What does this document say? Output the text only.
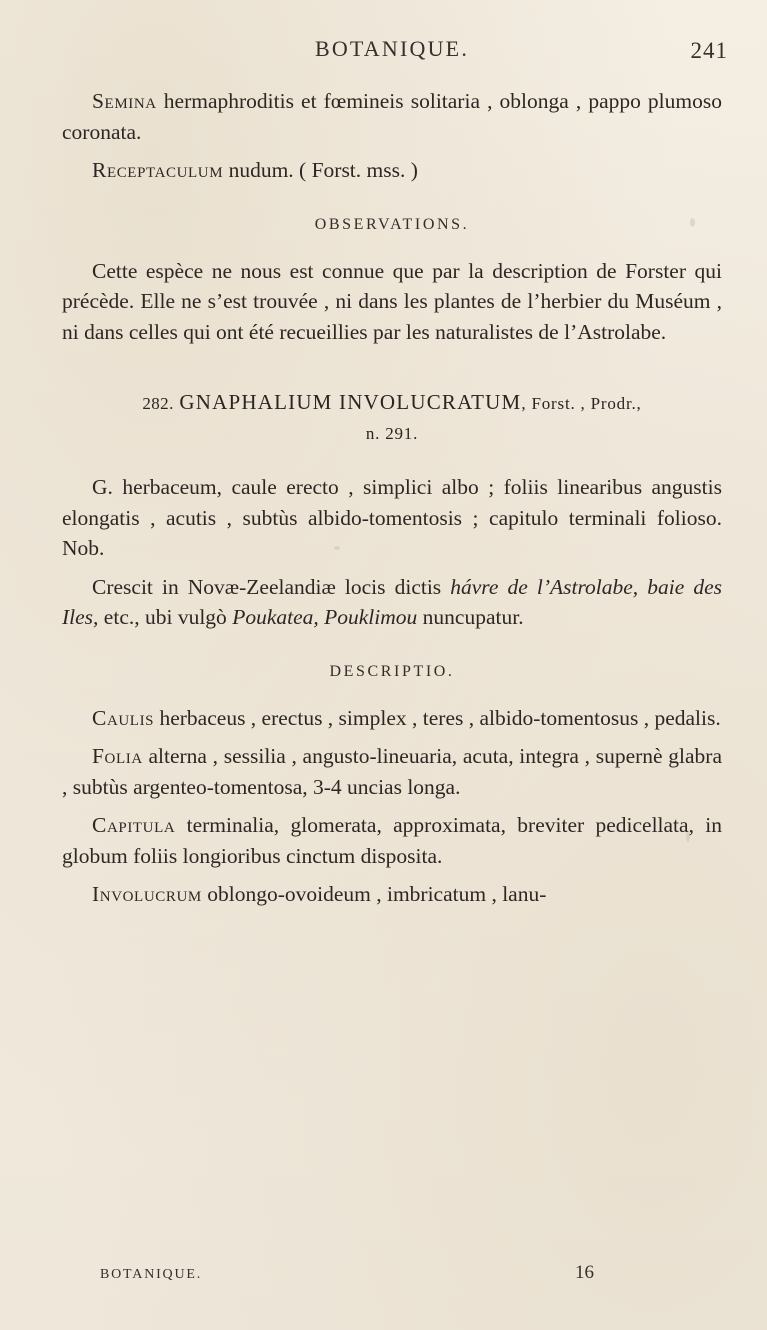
BOTANIQUE.	241

Semina hermaphroditis et fœmineis solitaria , oblonga , pappo plumoso coronata.

Receptaculum nudum. ( Forst. mss. )

OBSERVATIONS.

Cette espèce ne nous est connue que par la description de Forster qui précède. Elle ne s’est trouvée , ni dans les plantes de l’herbier du Muséum , ni dans celles qui ont été recueillies par les naturalistes de l’Astrolabe.

282. GNAPHALIUM INVOLUCRATUM, Forst. , Prodr.,
n. 291.

G. herbaceum, caule erecto , simplici albo ; foliis linearibus angustis elongatis , acutis , subtùs albido-tomentosis ; capitulo terminali folioso. Nob.

Crescit in Novæ-Zeelandiæ locis dictis hávre de l’Astrolabe, baie des Iles, etc., ubi vulgò Poukatea, Pouklimou nuncupatur.

DESCRIPTIO.

Caulis herbaceus , erectus , simplex , teres , albido-tomentosus , pedalis.

Folia alterna , sessilia , angusto-lineuaria, acuta, integra , supernè glabra , subtùs argenteo-tomentosa, 3-4 uncias longa.

Capitula terminalia, glomerata, approximata, breviter pedicellata, in globum foliis longioribus cinctum disposita.

Involucrum oblongo-ovoideum , imbricatum , lanu-

BOTANIQUE.	16
